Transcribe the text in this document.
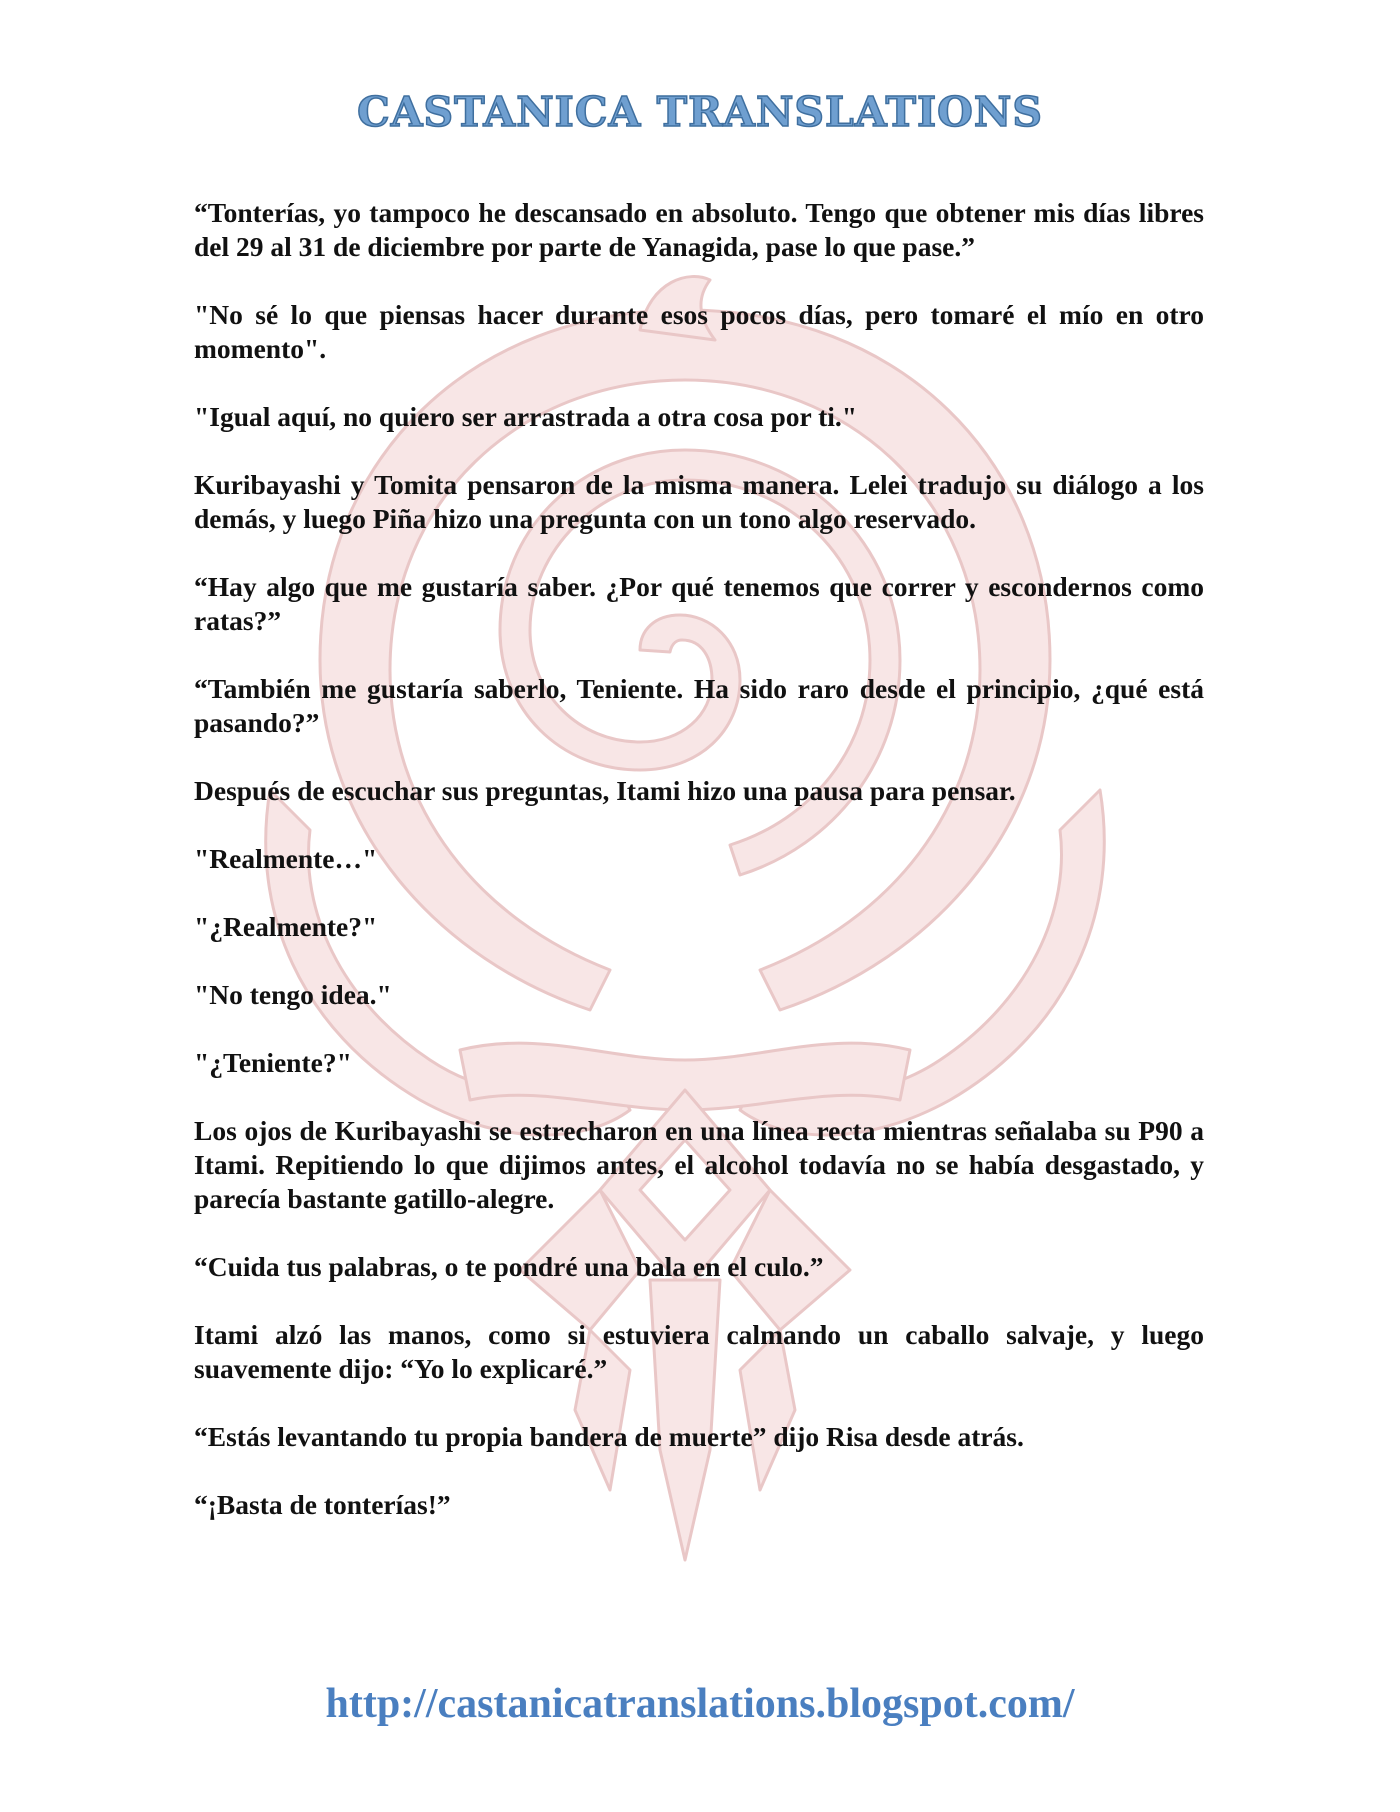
CASTANICA TRANSLATIONS

“Tonterías, yo tampoco he descansado en absoluto. Tengo que obtener mis días libres del 29 al 31 de diciembre por parte de Yanagida, pase lo que pase.”

"No sé lo que piensas hacer durante esos pocos días, pero tomaré el mío en otro momento".

"Igual aquí, no quiero ser arrastrada a otra cosa por ti."

Kuribayashi y Tomita pensaron de la misma manera. Lelei tradujo su diálogo a los demás, y luego Piña hizo una pregunta con un tono algo reservado.

“Hay algo que me gustaría saber. ¿Por qué tenemos que correr y escondernos como ratas?”

“También me gustaría saberlo, Teniente. Ha sido raro desde el principio, ¿qué está pasando?”

Después de escuchar sus preguntas, Itami hizo una pausa para pensar.

"Realmente…"

"¿Realmente?"

"No tengo idea."

"¿Teniente?"

Los ojos de Kuribayashi se estrecharon en una línea recta mientras señalaba su P90 a Itami. Repitiendo lo que dijimos antes, el alcohol todavía no se había desgastado, y parecía bastante gatillo-alegre.

“Cuida tus palabras, o te pondré una bala en el culo.”

Itami alzó las manos, como si estuviera calmando un caballo salvaje, y luego suavemente dijo: “Yo lo explicaré.”

“Estás levantando tu propia bandera de muerte” dijo Risa desde atrás.

“¡Basta de tonterías!”

http://castanicatranslations.blogspot.com/
